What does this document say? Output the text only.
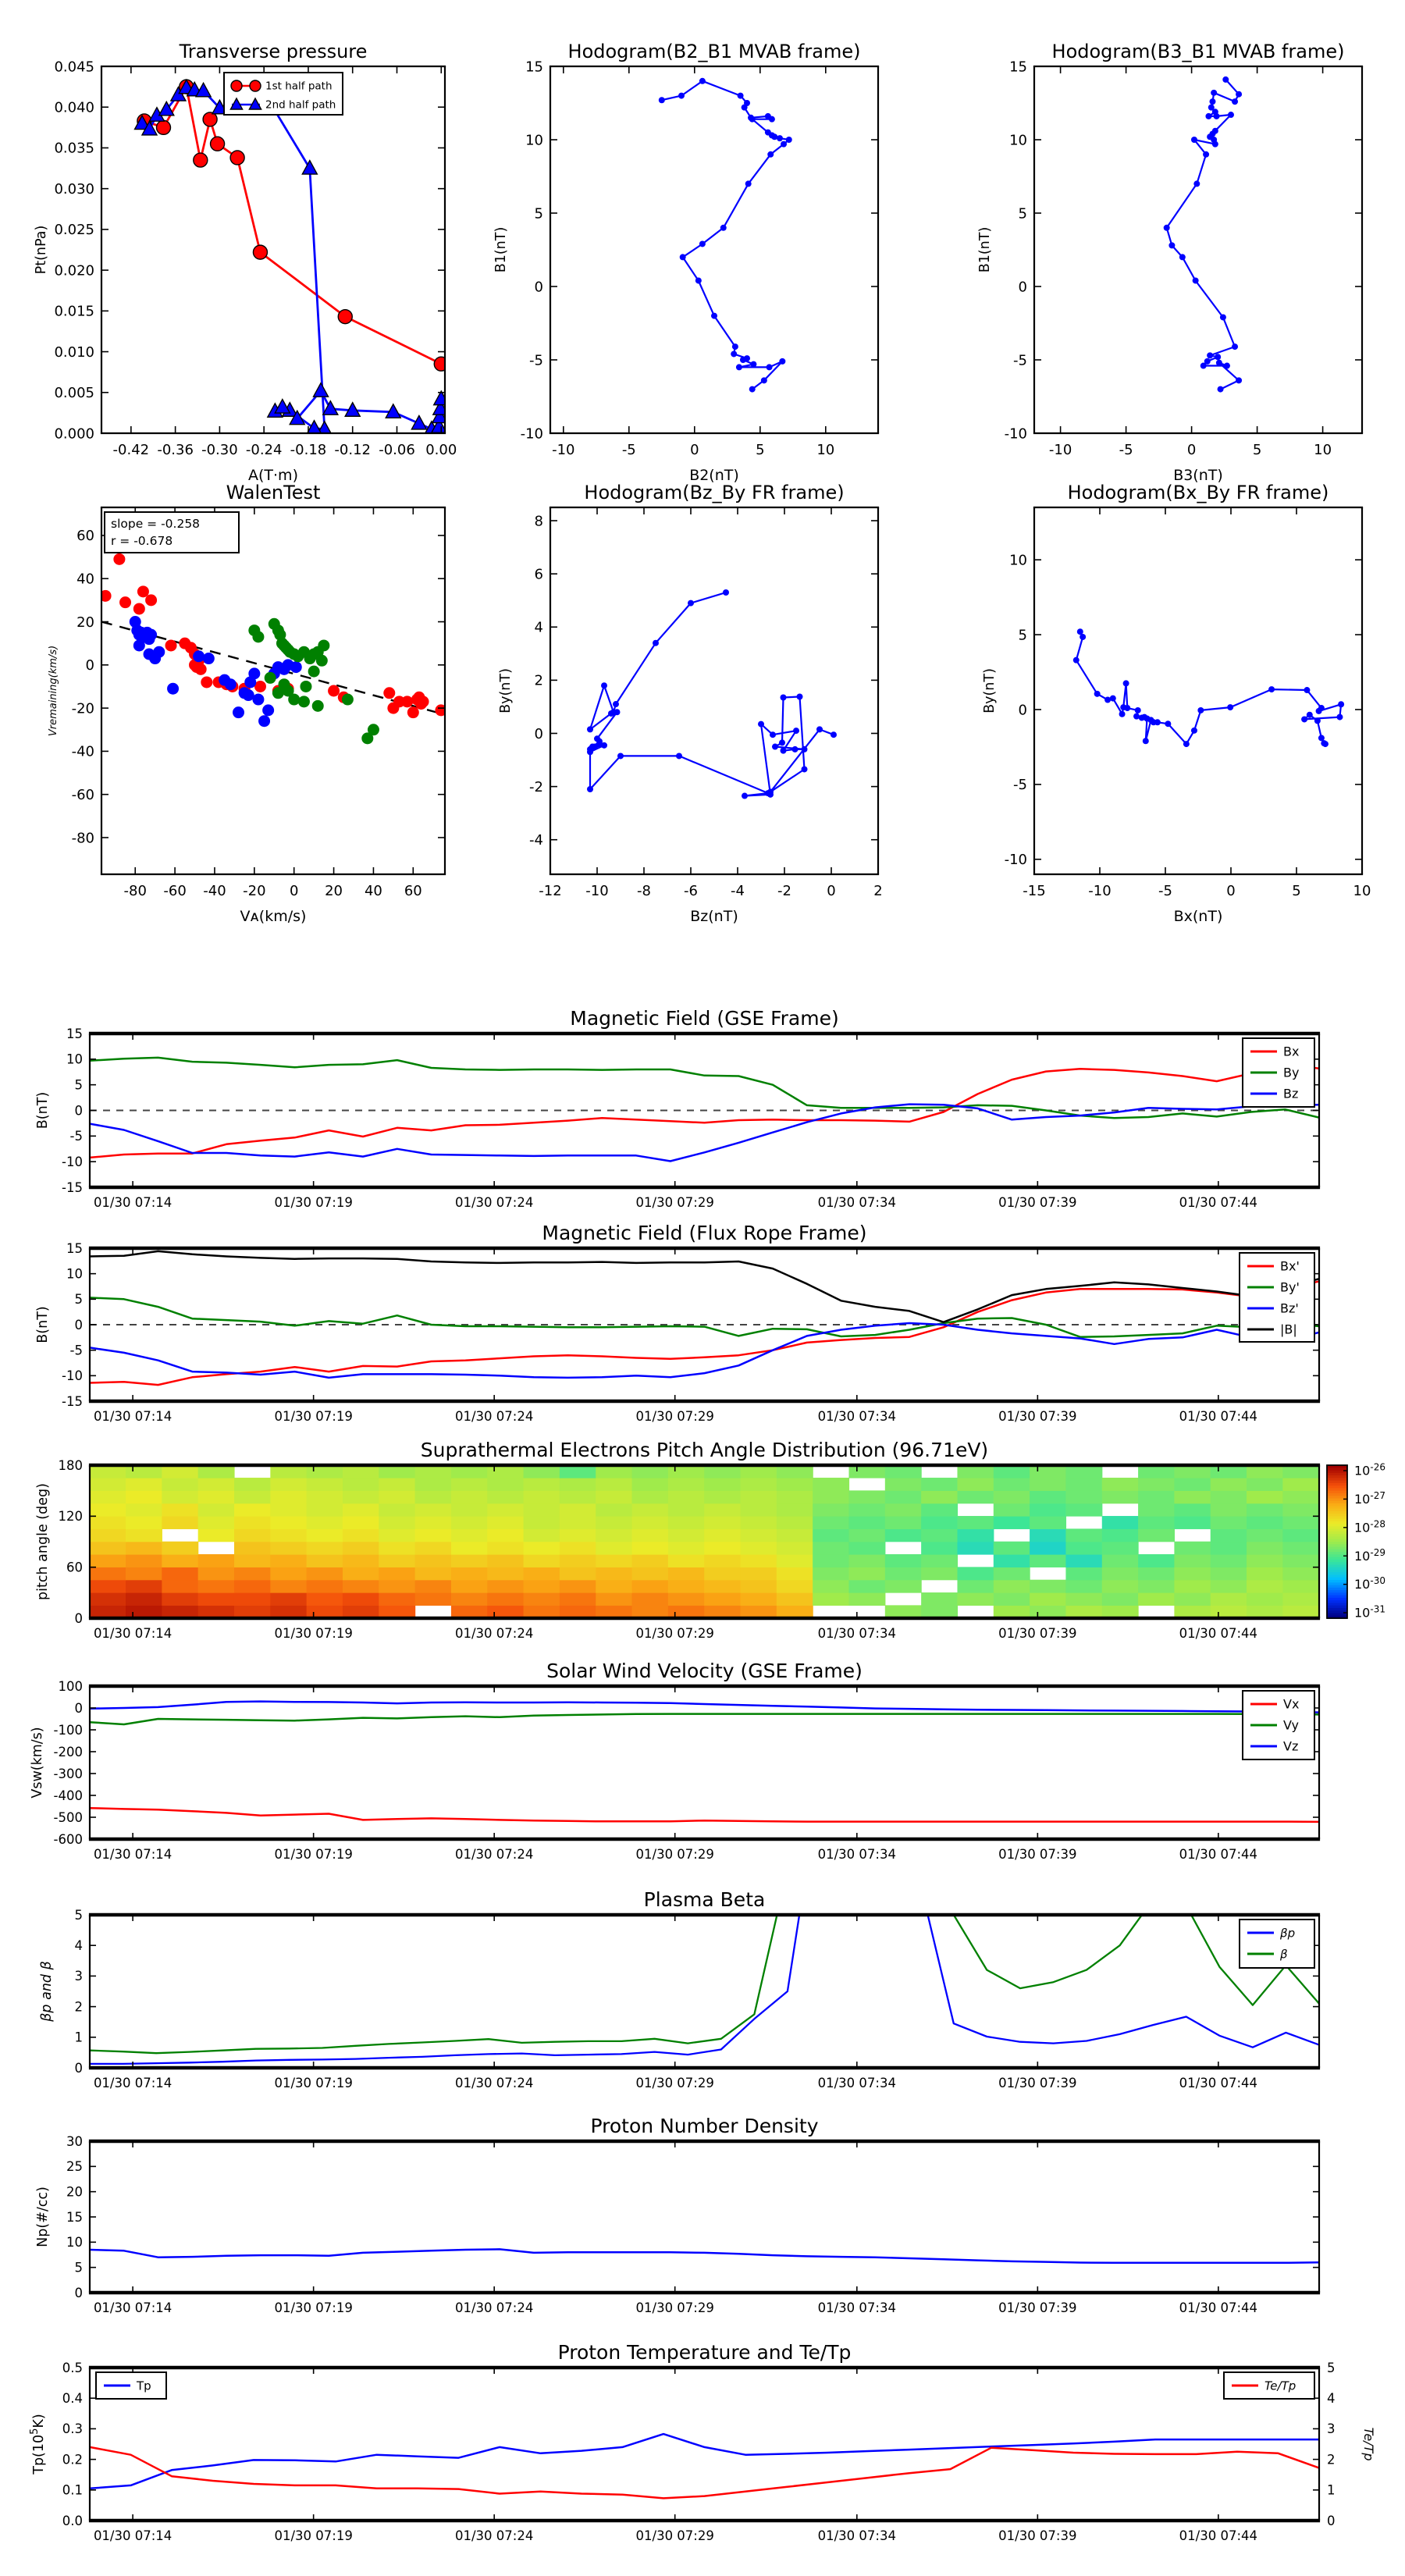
-0.42 -0.36 -0.30 -0.24 -0.18 -0.12 -0.06 0.00
0.000
0.005
0.010
0.015
0.020
0.025
0.030
0.035
0.040
0.045
Transverse pressure
A(T·m)
Pt(nPa)
1st half path
2nd half path
-10	-5	0	5	10
-10
-5
0
5
10
15
Hodogram(B2_B1 MVAB frame)
B2(nT)
B1(nT)
-10	-5	0	5	10
-10
-5
0
5
10
15
Hodogram(B3_B1 MVAB frame)
B3(nT)
B1(nT)
-80 -60 -40 -20 0 20 40 60
-80
-60
-40
-20
0
20
40
60
WalenTest
Vᴀ(km/s)
Vremaining(km/s)
slope = -0.258
r = -0.678
-12 -10 -8 -6 -4 -2	0	2
-4
-2
0
2
4
6
8
Hodogram(Bz_By FR frame)
Bz(nT)
By(nT)
-15	-10	-5	0	5	10
-10
-5
0
5
10
Hodogram(Bx_By FR frame)
Bx(nT)
By(nT)
01/30 07:14	01/30 07:19	01/30 07:24	01/30 07:29	01/30 07:34	01/30 07:39	01/30 07:44
-15
-10
-5
0
5
10
15
Magnetic Field (GSE Frame)
B(nT)
Bx
By
Bz
01/30 07:14	01/30 07:19	01/30 07:24	01/30 07:29	01/30 07:34	01/30 07:39	01/30 07:44
-15
-10
-5
0
5
10
15
Magnetic Field (Flux Rope Frame)
B(nT)
Bx'
By'
Bz'
|B|
01/30 07:14	01/30 07:19	01/30 07:24	01/30 07:29	01/30 07:34	01/30 07:39	01/30 07:44
0
60
120
180
Suprathermal Electrons Pitch Angle Distribution (96.71eV)
pitch angle (deg)
$10^{-26}$
$10^{-27}$
$10^{-28}$
$10^{-29}$
$10^{-30}$
$10^{-31}$
01/30 07:14	01/30 07:19	01/30 07:24	01/30 07:29	01/30 07:34	01/30 07:39	01/30 07:44
-600
-500
-400
-300
-200
-100
0
100
Solar Wind Velocity (GSE Frame)
Vsw(km/s)
Vx
Vy
Vz
01/30 07:14	01/30 07:19	01/30 07:24	01/30 07:29	01/30 07:34	01/30 07:39	01/30 07:44
0
1
2
3
4
5
Plasma Beta
βp and β
βp
β
01/30 07:14	01/30 07:19	01/30 07:24	01/30 07:29	01/30 07:34	01/30 07:39	01/30 07:44
0
5
10
15
20
25
30
Proton Number Density
Np(#/cc)
01/30 07:14	01/30 07:19	01/30 07:24	01/30 07:29	01/30 07:34	01/30 07:39	01/30 07:44
0.0
0.1
0.2
0.3
0.4
0.5
0
1
2
3
4
5
Te/Tp
Proton Temperature and Te/Tp
$Tp(10^5K)$
Tp	Te/Tp
